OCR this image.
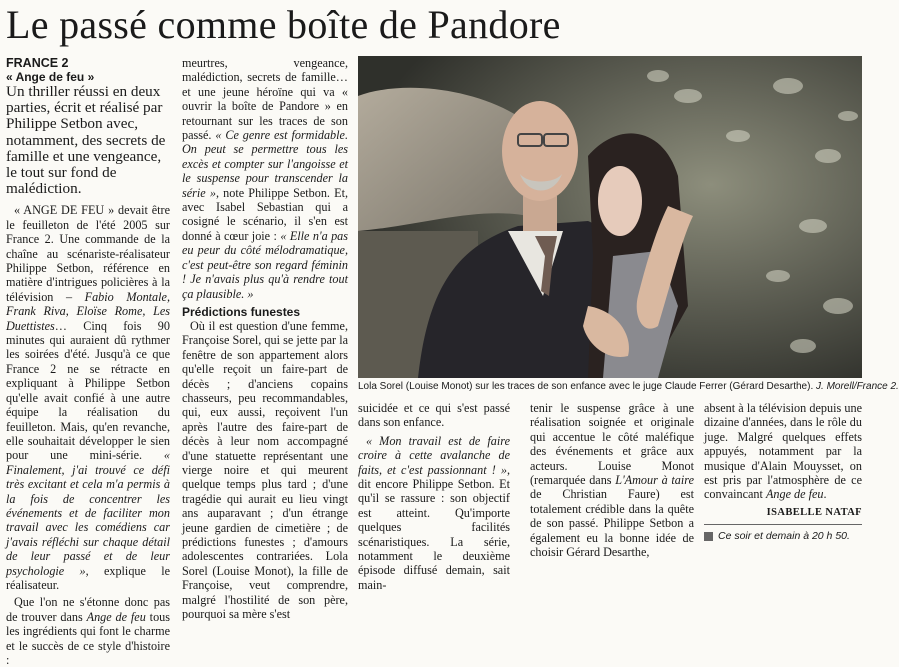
Le passé comme boîte de Pandore

FRANCE 2

« Ange de feu »

Un thriller réussi en deux parties, écrit et réalisé par Philippe Setbon avec, notamment, des secrets de famille et une vengeance, le tout sur fond de malédiction.

« ANGE DE FEU » devait être le feuilleton de l'été 2005 sur France 2. Une commande de la chaîne au scénariste-réalisateur Philippe Setbon, référence en matière d'intrigues policières à la télévision – Fabio Montale, Frank Riva, Eloïse Rome, Les Duettistes… Cinq fois 90 minutes qui auraient dû rythmer les soirées d'été. Jusqu'à ce que France 2 ne se rétracte en expliquant à Philippe Setbon qu'elle avait confié à une autre équipe la réalisation du feuilleton. Mais, qu'en revanche, elle souhaitait développer le sien pour une mini-série. « Finalement, j'ai trouvé ce défi très excitant et cela m'a permis à la fois de concentrer les événements et de faciliter mon travail avec les comédiens car j'avais réfléchi sur chaque détail de leur passé et de leur psychologie », explique le réalisateur.

Que l'on ne s'étonne donc pas de trouver dans Ange de feu tous les ingrédients qui font le charme et le succès de ce style d'histoire :

meurtres, vengeance, malédiction, secrets de famille… et une jeune héroïne qui va « ouvrir la boîte de Pandore » en retournant sur les traces de son passé. « Ce genre est formidable. On peut se permettre tous les excès et compter sur l'angoisse et le suspense pour transcender la série », note Philippe Setbon. Et, avec Isabel Sebastian qui a cosigné le scénario, il s'en est donné à cœur joie : « Elle n'a pas eu peur du côté mélodramatique, c'est peut-être son regard féminin ! Je n'avais plus qu'à rendre tout ça plausible. »

Prédictions funestes

Où il est question d'une femme, Françoise Sorel, qui se jette par la fenêtre de son appartement alors qu'elle reçoit un faire-part de décès ; d'anciens copains chasseurs, peu recommandables, qui, eux aussi, reçoivent l'un après l'autre des faire-part de décès à leur nom accompagné d'une statuette représentant une vierge noire et qui meurent quelque temps plus tard ; d'une tragédie qui aurait eu lieu vingt ans auparavant ; d'un étrange jeune gardien de cimetière ; de prédictions funestes ; d'amours adolescentes contrariées. Lola Sorel (Louise Monot), la fille de Françoise, veut comprendre, malgré l'hostilité de son père, pourquoi sa mère s'est

Lola Sorel (Louise Monot) sur les traces de son enfance avec le juge Claude Ferrer (Gérard Desarthe). J. Morell/France 2.

suicidée et ce qui s'est passé dans son enfance.

« Mon travail est de faire croire à cette avalanche de faits, et c'est passionnant ! », dit encore Philippe Setbon. Et qu'il se rassure : son objectif est atteint. Qu'importe quelques facilités scénaristiques. La série, notamment le deuxième épisode diffusé demain, sait main-

tenir le suspense grâce à une réalisation soignée et originale qui accentue le côté maléfique des événements et grâce aux acteurs. Louise Monot (remarquée dans L'Amour à taire de Christian Faure) est totalement crédible dans la quête de son passé. Philippe Setbon a également eu la bonne idée de choisir Gérard Desarthe,

absent à la télévision depuis une dizaine d'années, dans le rôle du juge. Malgré quelques effets appuyés, notamment par la musique d'Alain Mouysset, on est pris par l'atmosphère de ce convaincant Ange de feu.

ISABELLE NATAF

Ce soir et demain à 20 h 50.
